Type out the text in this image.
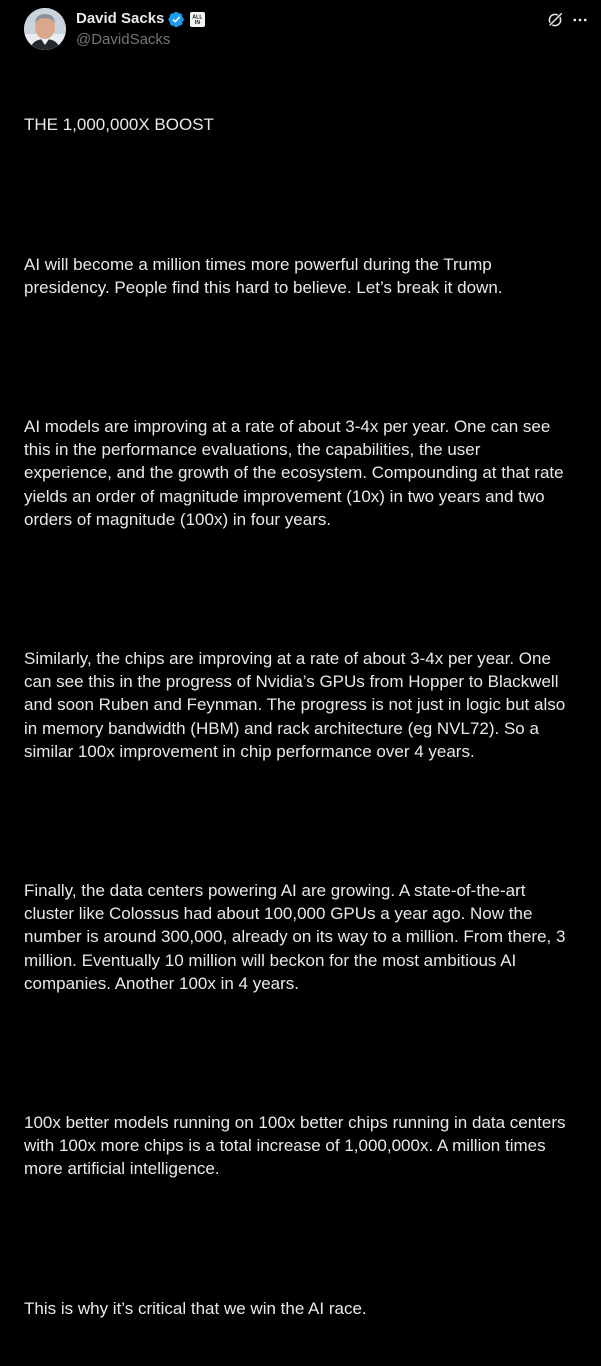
David Sacks	ALL
IN
@DavidSacks

THE 1,000,000X BOOST

AI will become a million times more powerful during the Trump
presidency. People find this hard to believe. Let’s break it down.

AI models are improving at a rate of about 3-4x per year. One can see
this in the performance evaluations, the capabilities, the user
experience, and the growth of the ecosystem. Compounding at that rate
yields an order of magnitude improvement (10x) in two years and two
orders of magnitude (100x) in four years.

Similarly, the chips are improving at a rate of about 3-4x per year. One
can see this in the progress of Nvidia’s GPUs from Hopper to Blackwell
and soon Ruben and Feynman. The progress is not just in logic but also
in memory bandwidth (HBM) and rack architecture (eg NVL72). So a
similar 100x improvement in chip performance over 4 years.

Finally, the data centers powering AI are growing. A state-of-the-art
cluster like Colossus had about 100,000 GPUs a year ago. Now the
number is around 300,000, already on its way to a million. From there, 3
million. Eventually 10 million will beckon for the most ambitious AI
companies. Another 100x in 4 years.

100x better models running on 100x better chips running in data centers
with 100x more chips is a total increase of 1,000,000x. A million times
more artificial intelligence.

This is why it’s critical that we win the AI race.
